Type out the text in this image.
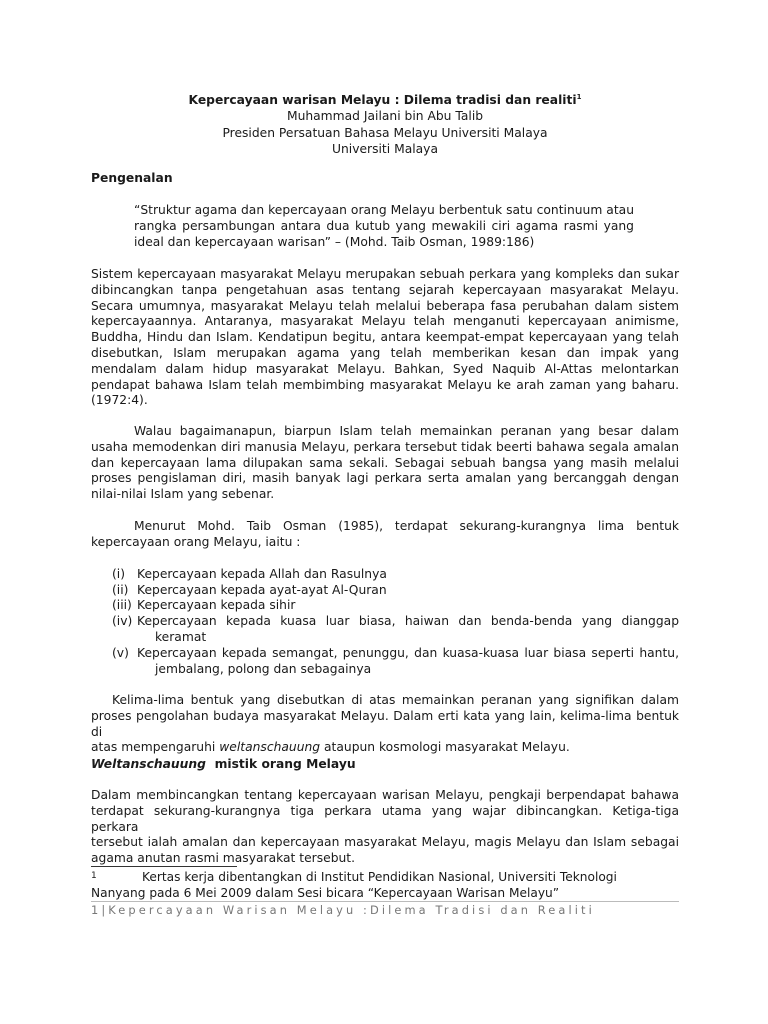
Kepercayaan warisan Melayu : Dilema tradisi dan realiti$^1$
Muhammad Jailani bin Abu Talib
Presiden Persatuan Bahasa Melayu Universiti Malaya
Universiti Malaya
Pengenalan
“Struktur agama dan kepercayaan orang Melayu berbentuk satu continuum atau
rangka persambungan antara dua kutub yang mewakili ciri agama rasmi yang
ideal dan kepercayaan warisan” – (Mohd. Taib Osman, 1989:186)
Sistem kepercayaan masyarakat Melayu merupakan sebuah perkara yang kompleks dan sukar
dibincangkan tanpa pengetahuan asas tentang sejarah kepercayaan masyarakat Melayu.
Secara umumnya, masyarakat Melayu telah melalui beberapa fasa perubahan dalam sistem
kepercayaannya. Antaranya, masyarakat Melayu telah menganuti kepercayaan animisme,
Buddha, Hindu dan Islam. Kendatipun begitu, antara keempat-empat kepercayaan yang telah
disebutkan, Islam merupakan agama yang telah memberikan kesan dan impak yang
mendalam dalam hidup masyarakat Melayu. Bahkan, Syed Naquib Al-Attas melontarkan
pendapat bahawa Islam telah membimbing masyarakat Melayu ke arah zaman yang baharu.
(1972:4).
Walau bagaimanapun, biarpun Islam telah memainkan peranan yang besar dalam
usaha memodenkan diri manusia Melayu, perkara tersebut tidak beerti bahawa segala amalan
dan kepercayaan lama dilupakan sama sekali. Sebagai sebuah bangsa yang masih melalui
proses pengislaman diri, masih banyak lagi perkara serta amalan yang bercanggah dengan
nilai-nilai Islam yang sebenar.
Menurut Mohd. Taib Osman (1985), terdapat sekurang-kurangnya lima bentuk
kepercayaan orang Melayu, iaitu :
(i) Kepercayaan kepada Allah dan Rasulnya
(ii) Kepercayaan kepada ayat-ayat Al-Quran
(iii) Kepercayaan kepada sihir
(iv) Kepercayaan kepada kuasa luar biasa, haiwan dan benda-benda yang dianggap
keramat
(v) Kepercayaan kepada semangat, penunggu, dan kuasa-kuasa luar biasa seperti hantu,
jembalang, polong dan sebagainya
Kelima-lima bentuk yang disebutkan di atas memainkan peranan yang signifikan dalam
proses pengolahan budaya masyarakat Melayu. Dalam erti kata yang lain, kelima-lima bentuk di
atas mempengaruhi weltanschauung ataupun kosmologi masyarakat Melayu.
Weltanschauung mistik orang Melayu
Dalam membincangkan tentang kepercayaan warisan Melayu, pengkaji berpendapat bahawa
terdapat sekurang-kurangnya tiga perkara utama yang wajar dibincangkan. Ketiga-tiga perkara
tersebut ialah amalan dan kepercayaan masyarakat Melayu, magis Melayu dan Islam sebagai
agama anutan rasmi masyarakat tersebut.
1	Kertas kerja dibentangkan di Institut Pendidikan Nasional, Universiti Teknologi
Nanyang pada 6 Mei 2009 dalam Sesi bicara “Kepercayaan Warisan Melayu”
1|Kepercayaan Warisan Melayu :Dilema Tradisi dan Realiti
